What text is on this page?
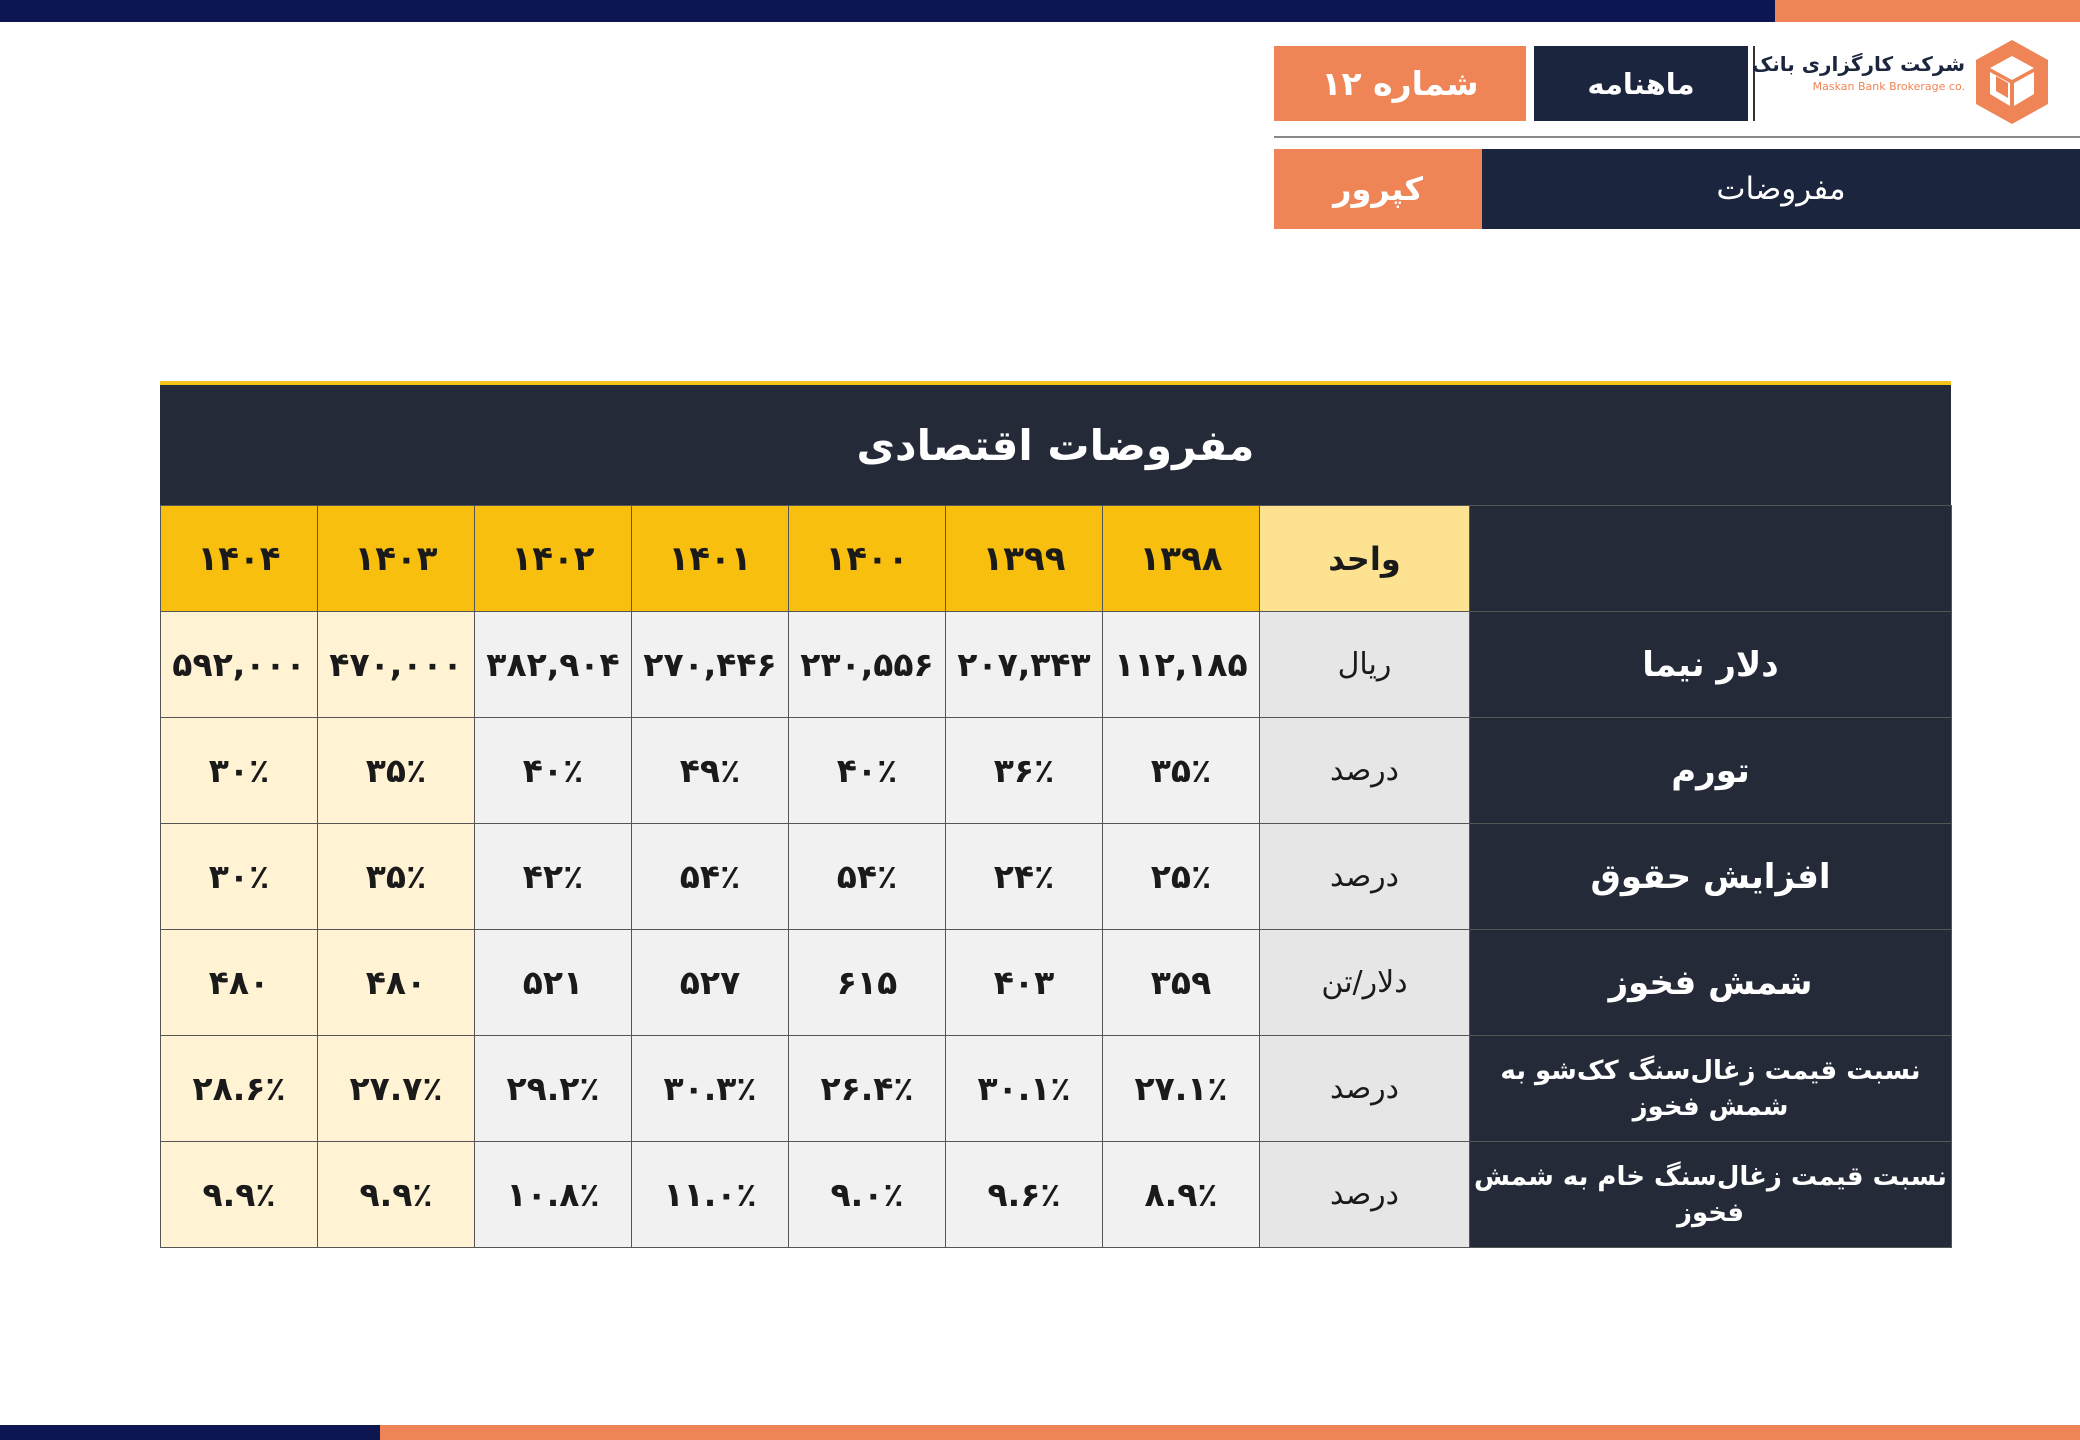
شماره ۱۲	ماهنامه
شرکت کارگزاری بانک مسکن
Maskan Bank Brokerage co.
مفروضات
کپرور
مفروضات اقتصادی
۱۴۰۴	۱۴۰۳	۱۴۰۲	۱۴۰۱	۱۴۰۰	۱۳۹۹	۱۳۹۸	واحد	
۵۹۲,۰۰۰	۴۷۰,۰۰۰	۳۸۲,۹۰۴	۲۷۰,۴۴۶	۲۳۰,۵۵۶	۲۰۷,۳۴۳	۱۱۲,۱۸۵	ریال	دلار نیما
۳۰٪	۳۵٪	۴۰٪	۴۹٪	۴۰٪	۳۶٪	۳۵٪	درصد	تورم
۳۰٪	۳۵٪	۴۲٪	۵۴٪	۵۴٪	۲۴٪	۲۵٪	درصد	افزایش حقوق
۴۸۰	۴۸۰	۵۲۱	۵۲۷	۶۱۵	۴۰۳	۳۵۹	دلار/تن	شمش فخوز
۲۸.۶٪	۲۷.۷٪	۲۹.۲٪	۳۰.۳٪	۲۶.۴٪	۳۰.۱٪	۲۷.۱٪	درصد	نسبت قیمت زغال‌سنگ کک‌شو به شمش فخوز
۹.۹٪	۹.۹٪	۱۰.۸٪	۱۱.۰٪	۹.۰٪	۹.۶٪	۸.۹٪	درصد	نسبت قیمت زغال‌سنگ خام به شمش فخوز
